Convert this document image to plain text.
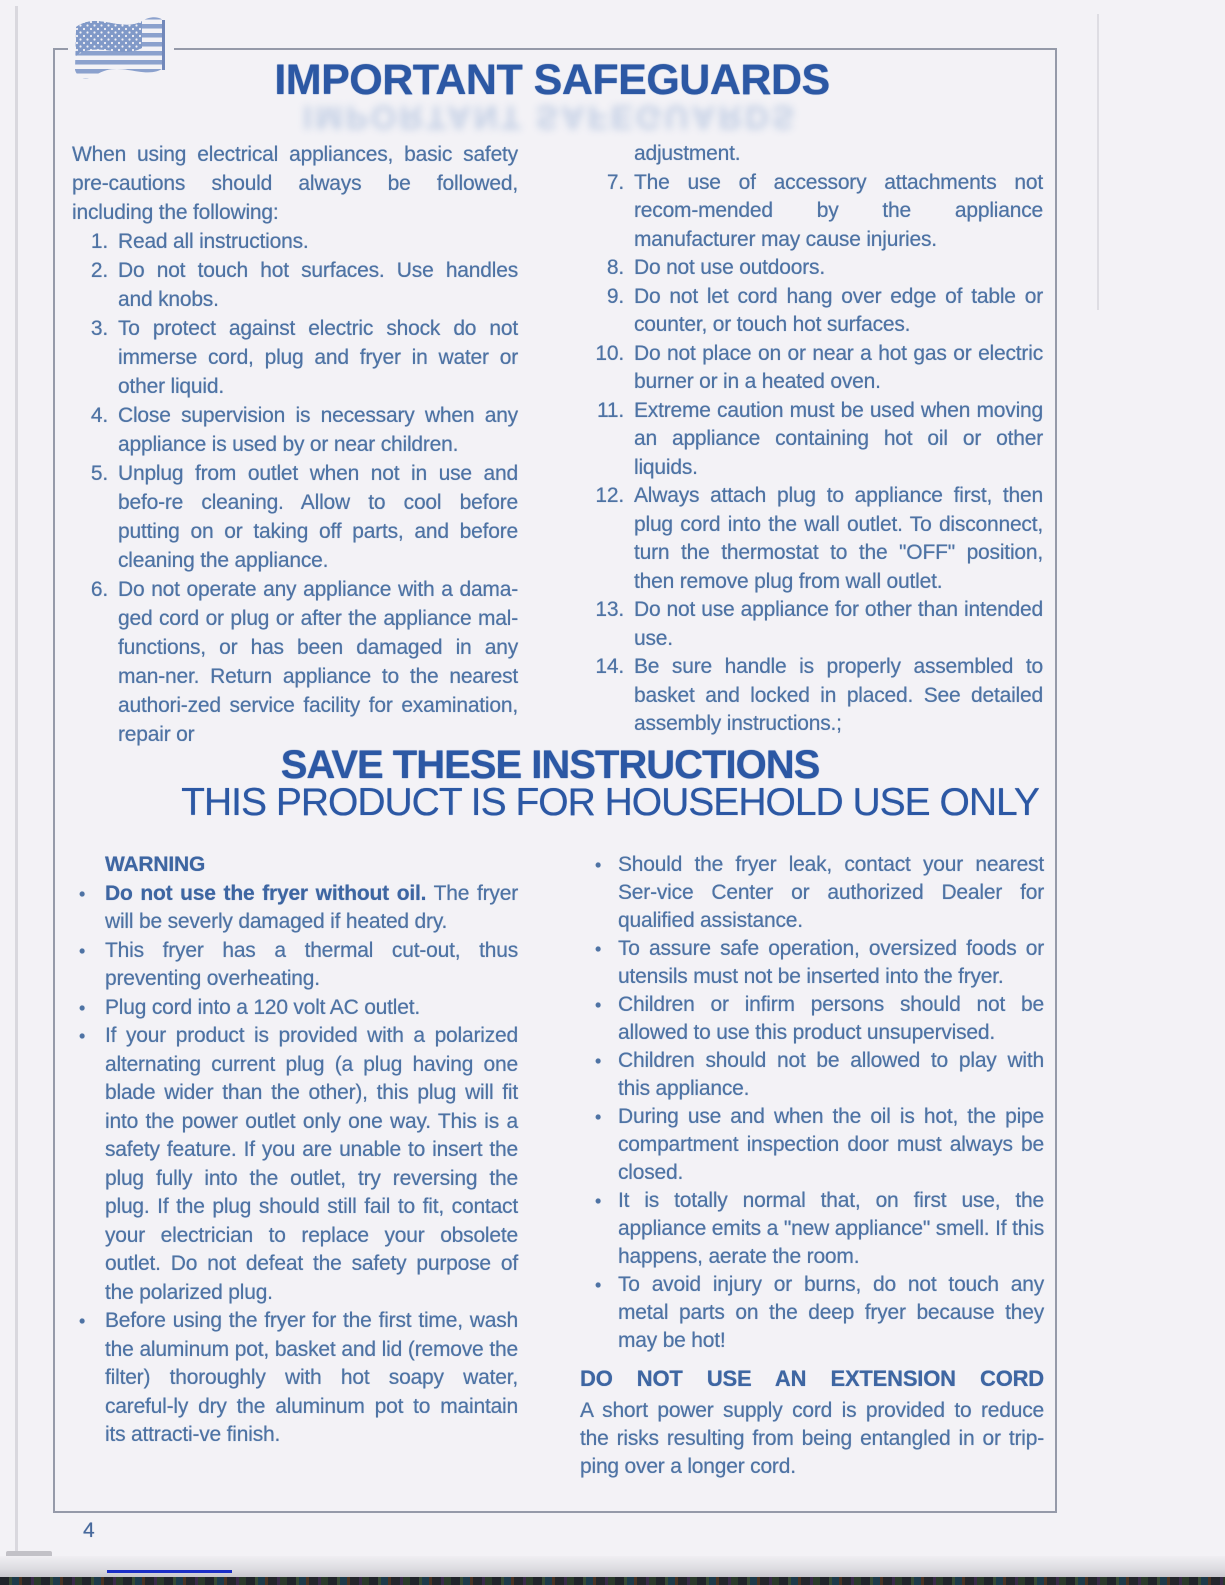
IMPORTANT SAFEGUARDS
IMPORTANT SAFEGUARDS
When using electrical appliances, basic safety pre-cautions should always be followed, including the following:
1. Read all instructions.
2. Do not touch hot surfaces. Use handles and knobs.
3. To protect against electric shock do not immerse cord, plug and fryer in water or other liquid.
4. Close supervision is necessary when any appliance is used by or near children.
5. Unplug from outlet when not in use and befo-re cleaning. Allow to cool before putting on or taking off parts, and before cleaning the appliance.
6. Do not operate any appliance with a dama-ged cord or plug or after the appliance mal-functions, or has been damaged in any man-ner. Return appliance to the nearest authori-zed service facility for examination, repair or
adjustment.
7. The use of accessory attachments not recom-mended by the appliance manufacturer may cause injuries.
8. Do not use outdoors.
9. Do not let cord hang over edge of table or counter, or touch hot surfaces.
10. Do not place on or near a hot gas or electric burner or in a heated oven.
11. Extreme caution must be used when moving an appliance containing hot oil or other liquids.
12. Always attach plug to appliance first, then plug cord into the wall outlet. To disconnect, turn the thermostat to the "OFF" position, then remove plug from wall outlet.
13. Do not use appliance for other than intended use.
14. Be sure handle is properly assembled to basket and locked in placed. See detailed assembly instructions.;
SAVE THESE INSTRUCTIONS
THIS PRODUCT IS FOR HOUSEHOLD USE ONLY
WARNING
• Do not use the fryer without oil. The fryer will be severly damaged if heated dry.
• This fryer has a thermal cut-out, thus preventing overheating.
• Plug cord into a 120 volt AC outlet.
• If your product is provided with a polarized alternating current plug (a plug having one blade wider than the other), this plug will fit into the power outlet only one way. This is a safety feature. If you are unable to insert the plug fully into the outlet, try reversing the plug. If the plug should still fail to fit, contact your electrician to replace your obsolete outlet. Do not defeat the safety purpose of the polarized plug.
• Before using the fryer for the first time, wash the aluminum pot, basket and lid (remove the filter) thoroughly with hot soapy water, careful-ly dry the aluminum pot to maintain its attracti-ve finish.
• Should the fryer leak, contact your nearest Ser-vice Center or authorized Dealer for qualified assistance.
• To assure safe operation, oversized foods or utensils must not be inserted into the fryer.
• Children or infirm persons should not be allowed to use this product unsupervised.
• Children should not be allowed to play with this appliance.
• During use and when the oil is hot, the pipe compartment inspection door must always be closed.
• It is totally normal that, on first use, the appliance emits a "new appliance" smell. If this happens, aerate the room.
• To avoid injury or burns, do not touch any metal parts on the deep fryer because they may be hot!
DO NOT USE AN EXTENSION CORD
A short power supply cord is provided to reduce the risks resulting from being entangled in or trip-ping over a longer cord.
4
